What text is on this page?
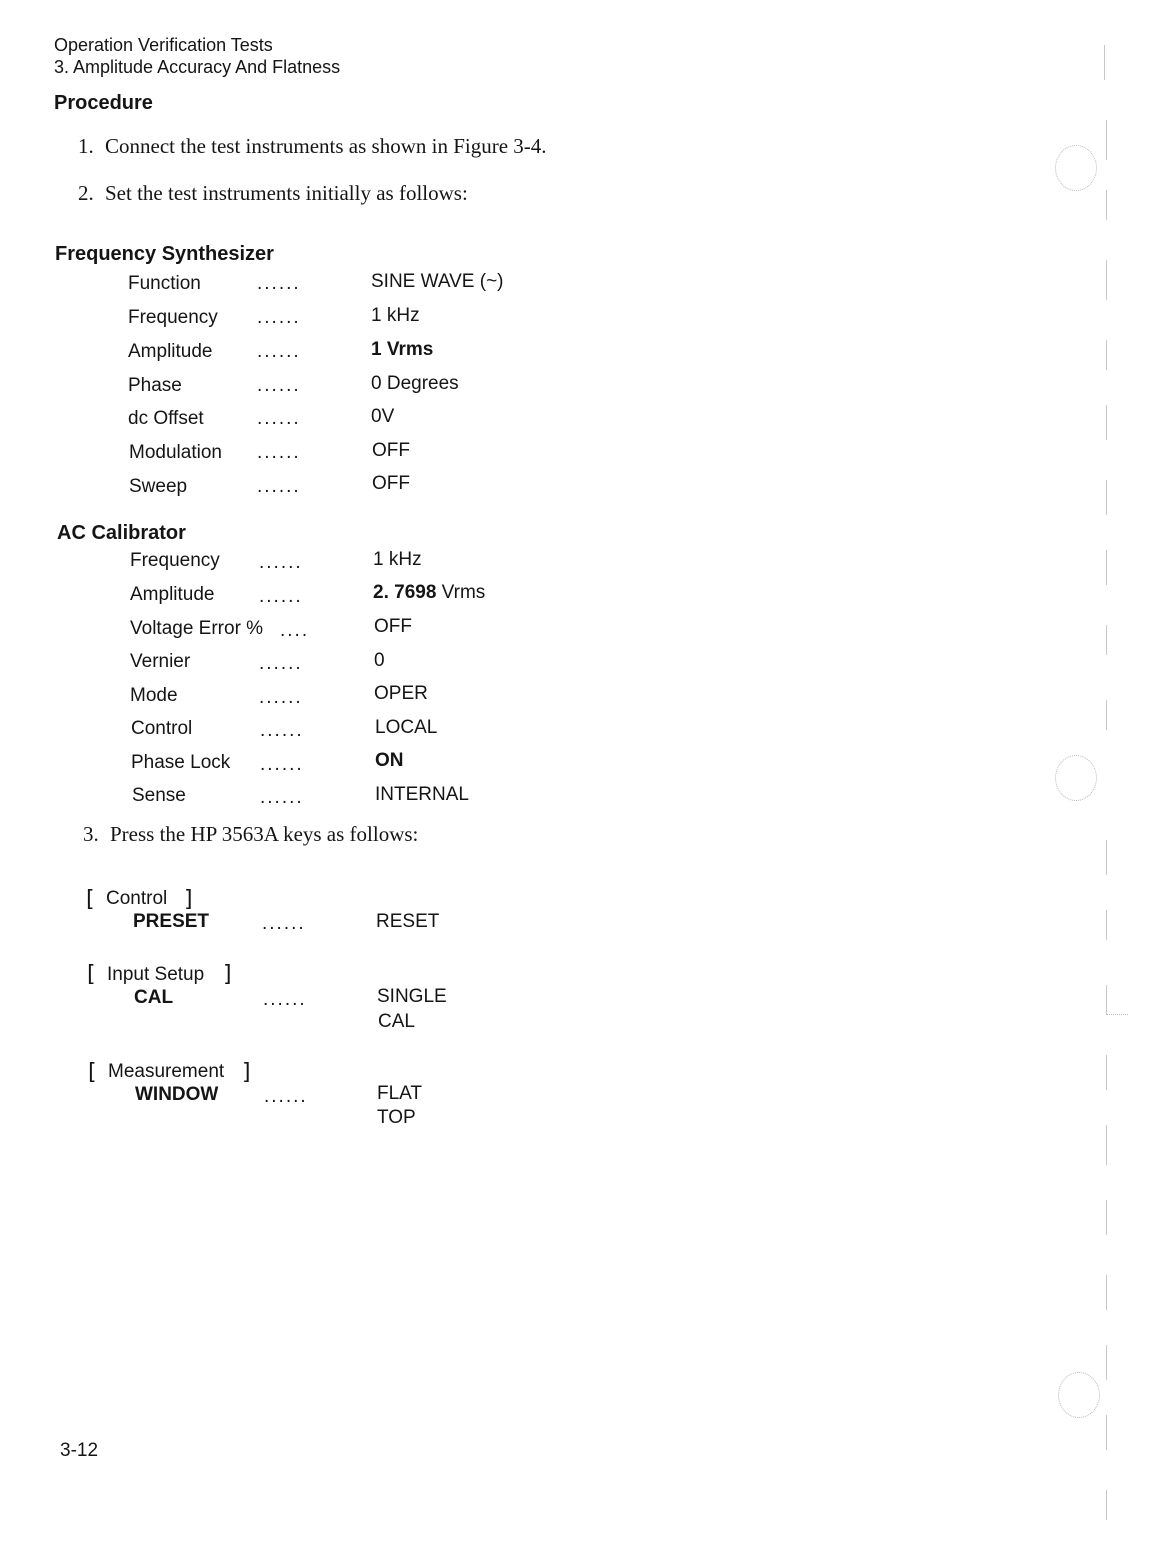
Operation Verification Tests
3. Amplitude Accuracy And Flatness
Procedure
1. Connect the test instruments as shown in Figure 3-4.
2. Set the test instruments initially as follows:
Frequency Synthesizer
Function	......	SINE WAVE (~)
Frequency ......	1 kHz
Amplitude ......	1 Vrms
Phase	......	0 Degrees
dc Offset	......	0V
Modulation ......	OFF
Sweep	......	OFF
AC Calibrator
Frequency ......	1 kHz
Amplitude ......	2. 7698 Vrms
Voltage Error % ....	OFF
Vernier	......	0
Mode	......	OPER
Control	......	LOCAL
Phase Lock ......	ON
Sense	......	INTERNAL
3. Press the HP 3563A keys as follows:
[ Control ]
PRESET	......	RESET
[ Input Setup ]
CAL	......	SINGLE
CAL
[ Measurement ]
WINDOW ......	FLAT
TOP
3-12
